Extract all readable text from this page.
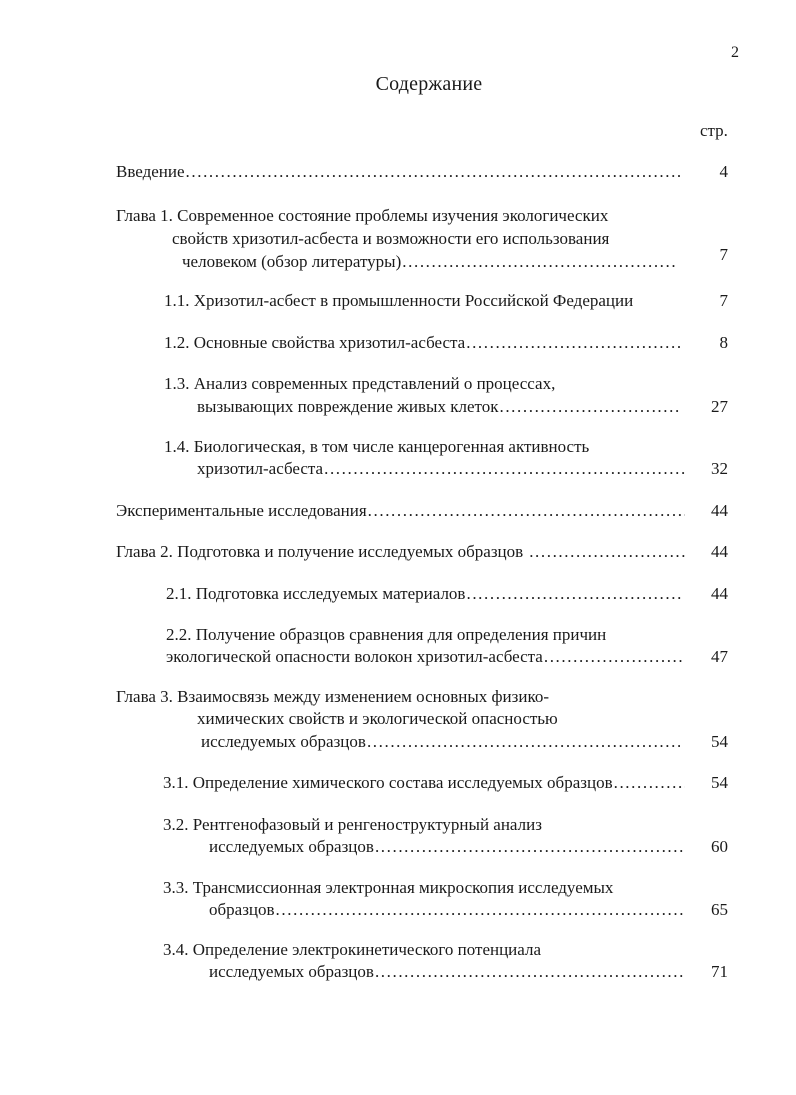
2
Содержание
стр.
Введение .....	4
Глава 1. Современное состояние проблемы изучения экологических
свойств хризотил-асбеста и возможности его использования
человеком (обзор литературы) .....	7
1.1. Хризотил-асбест в промышленности Российской Федерации	7
1.2. Основные свойства хризотил-асбеста .....	8
1.3. Анализ современных представлений о процессах,
вызывающих повреждение живых клеток .....	27
1.4. Биологическая, в том числе канцерогенная активность
хризотил-асбеста .....	32
Экспериментальные исследования .....	44
Глава 2. Подготовка и получение исследуемых образцов .....	44
2.1. Подготовка исследуемых материалов .....	44
2.2. Получение образцов сравнения для определения причин
экологической опасности волокон хризотил-асбеста .....	47
Глава 3. Взаимосвязь между изменением основных физико-
химических свойств и экологической опасностью
исследуемых образцов .....	54
3.1. Определение химического состава исследуемых образцов .....	54
3.2. Рентгенофазовый и ренгеноструктурный анализ
исследуемых образцов .....	60
3.3. Трансмиссионная электронная микроскопия исследуемых
образцов .....	65
3.4. Определение электрокинетического потенциала
исследуемых образцов .....	71
